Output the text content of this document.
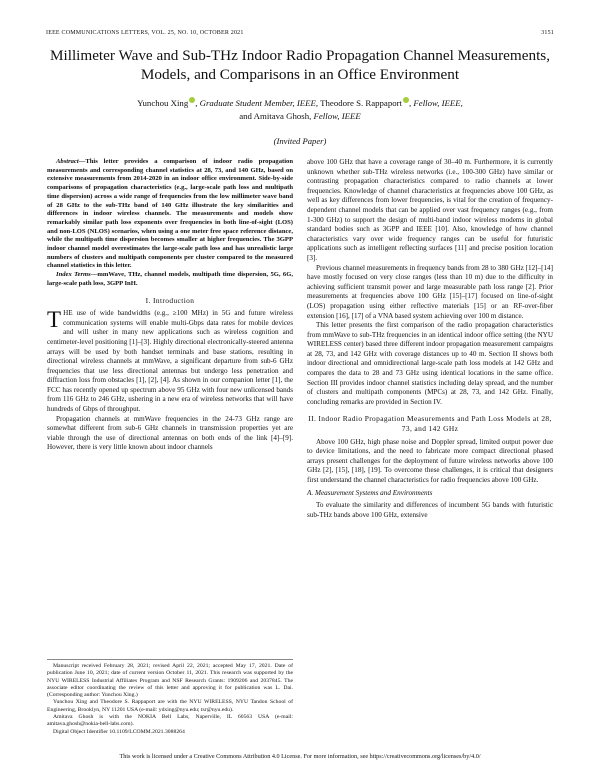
IEEE COMMUNICATIONS LETTERS, VOL. 25, NO. 10, OCTOBER 2021	3151
Millimeter Wave and Sub-THz Indoor Radio Propagation Channel Measurements, Models, and Comparisons in an Office Environment
Yunchou Xing , Graduate Student Member, IEEE, Theodore S. Rappaport , Fellow, IEEE,
and Amitava Ghosh, Fellow, IEEE
(Invited Paper)

Abstract—This letter provides a comparison of indoor radio propagation measurements and corresponding channel statistics at 28, 73, and 140 GHz, based on extensive measurements from 2014-2020 in an indoor office environment. Side-by-side comparisons of propagation characteristics (e.g., large-scale path loss and multipath time dispersion) across a wide range of frequencies from the low millimeter wave band of 28 GHz to the sub-THz band of 140 GHz illustrate the key similarities and differences in indoor wireless channels. The measurements and models show remarkably similar path loss exponents over frequencies in both line-of-sight (LOS) and non-LOS (NLOS) scenarios, when using a one meter free space reference distance, while the multipath time dispersion becomes smaller at higher frequencies. The 3GPP indoor channel model overestimates the large-scale path loss and has unrealistic large numbers of clusters and multipath components per cluster compared to the measured channel statistics in this letter.

Index Terms—mmWave, THz, channel models, multipath time dispersion, 5G, 6G, large-scale path loss, 3GPP InH.

I. Introduction

THE use of wide bandwidths (e.g., ≥100 MHz) in 5G and future wireless communication systems will enable multi-Gbps data rates for mobile devices and will usher in many new applications such as wireless cognition and centimeter-level positioning [1]–[3]. Highly directional electronically-steered antenna arrays will be used by both handset terminals and base stations, resulting in directional wireless channels at mmWave, a significant departure from sub-6 GHz frequencies that use less directional antennas but undergo less penetration and diffraction loss from obstacles [1], [2], [4]. As shown in our companion letter [1], the FCC has recently opened up spectrum above 95 GHz with four new unlicensed bands from 116 GHz to 246 GHz, ushering in a new era of wireless networks that will have hundreds of Gbps of throughput.

Propagation channels at mmWave frequencies in the 24-73 GHz range are somewhat different from sub-6 GHz channels in transmission properties yet are viable through the use of directional antennas on both ends of the link [4]–[9]. However, there is very little known about indoor channels

Manuscript received February 28, 2021; revised April 22, 2021; accepted May 17, 2021. Date of publication June 10, 2021; date of current version October 11, 2021. This research was supported by the NYU WIRELESS Industrial Affiliates Program and NSF Research Grants: 1909206 and 2037845. The associate editor coordinating the review of this letter and approving it for publication was L. Dai. (Corresponding author: Yunchou Xing.)

Yunchou Xing and Theodore S. Rappaport are with the NYU WIRELESS, NYU Tandon School of Engineering, Brooklyn, NY 11201 USA (e-mail: ydxing@nyu.edu; tsr@nyu.edu).

Amitava Ghosh is with the NOKIA Bell Labs, Naperville, IL 60563 USA (e-mail: amitava.ghosh@nokia-bell-labs.com).

Digital Object Identifier 10.1109/LCOMM.2021.3088264

above 100 GHz that have a coverage range of 30–40 m. Furthermore, it is currently unknown whether sub-THz wireless networks (i.e., 100-300 GHz) have similar or contrasting propagation characteristics compared to radio channels at lower frequencies. Knowledge of channel characteristics at frequencies above 100 GHz, as well as key differences from lower frequencies, is vital for the creation of frequency-dependent channel models that can be applied over vast frequency ranges (e.g., from 1-300 GHz) to support the design of multi-band indoor wireless modems in global standard bodies such as 3GPP and IEEE [10]. Also, knowledge of how channel characteristics vary over wide frequency ranges can be useful for futuristic applications such as intelligent reflecting surfaces [11] and precise position location [3].

Previous channel measurements in frequency bands from 28 to 380 GHz [12]–[14] have mostly focused on very close ranges (less than 10 m) due to the difficulty in achieving sufficient transmit power and large measurable path loss range [2]. Prior measurements at frequencies above 100 GHz [15]–[17] focused on line-of-sight (LOS) propagation using either reflective materials [15] or an RF-over-fiber extension [16], [17] of a VNA based system achieving over 100 m distance.

This letter presents the first comparison of the radio propagation characteristics from mmWave to sub-THz frequencies in an identical indoor office setting (the NYU WIRELESS center) based three different indoor propagation measurement campaigns at 28, 73, and 142 GHz with coverage distances up to 40 m. Section II shows both indoor directional and omnidirectional large-scale path loss models at 142 GHz and compares the data to 28 and 73 GHz using identical locations in the same office. Section III provides indoor channel statistics including delay spread, and the number of clusters and multipath components (MPCs) at 28, 73, and 142 GHz. Finally, concluding remarks are provided in Section IV.

II. Indoor Radio Propagation Measurements and Path Loss Models at 28, 73, and 142 GHz

Above 100 GHz, high phase noise and Doppler spread, limited output power due to device limitations, and the need to fabricate more compact directional phased arrays present challenges for the deployment of future wireless networks above 100 GHz [2], [15], [18], [19]. To overcome these challenges, it is critical that designers first understand the channel characteristics for radio frequencies above 100 GHz.

A. Measurement Systems and Environments

To evaluate the similarity and differences of incumbent 5G bands with futuristic sub-THz bands above 100 GHz, extensive

This work is licensed under a Creative Commons Attribution 4.0 License. For more information, see https://creativecommons.org/licenses/by/4.0/
